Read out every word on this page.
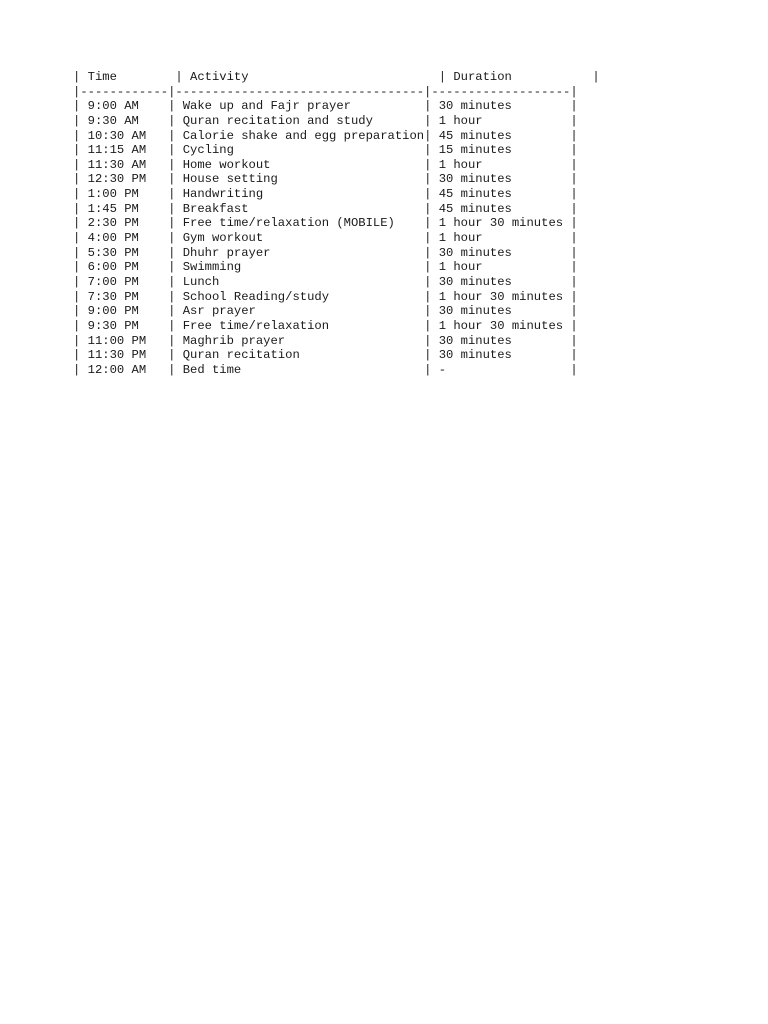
| Time        | Activity                          | Duration           |
|------------|----------------------------------|-------------------|
| 9:00 AM    | Wake up and Fajr prayer          | 30 minutes        |
| 9:30 AM    | Quran recitation and study       | 1 hour            |
| 10:30 AM   | Calorie shake and egg preparation| 45 minutes        |
| 11:15 AM   | Cycling                          | 15 minutes        |
| 11:30 AM   | Home workout                     | 1 hour            |
| 12:30 PM   | House setting                    | 30 minutes        |
| 1:00 PM    | Handwriting                      | 45 minutes        |
| 1:45 PM    | Breakfast                        | 45 minutes        |
| 2:30 PM    | Free time/relaxation (MOBILE)    | 1 hour 30 minutes |
| 4:00 PM    | Gym workout                      | 1 hour            |
| 5:30 PM    | Dhuhr prayer                     | 30 minutes        |
| 6:00 PM    | Swimming                         | 1 hour            |
| 7:00 PM    | Lunch                            | 30 minutes        |
| 7:30 PM    | School Reading/study             | 1 hour 30 minutes |
| 9:00 PM    | Asr prayer                       | 30 minutes        |
| 9:30 PM    | Free time/relaxation             | 1 hour 30 minutes |
| 11:00 PM   | Maghrib prayer                   | 30 minutes        |
| 11:30 PM   | Quran recitation                 | 30 minutes        |
| 12:00 AM   | Bed time                         | -                 |
